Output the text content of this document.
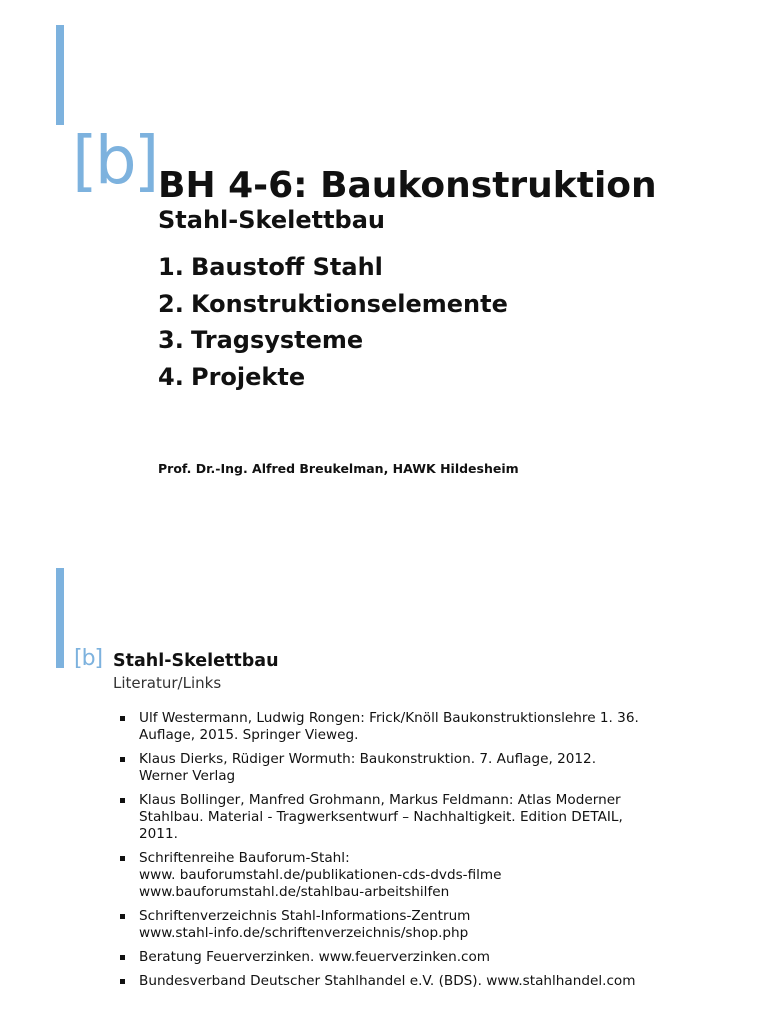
[b] BH 4-6: Baukonstruktion
Stahl-Skelettbau
1. Baustoff Stahl
2. Konstruktionselemente
3. Tragsysteme
4. Projekte
Prof. Dr.-Ing. Alfred Breukelman, HAWK Hildesheim
[b] Stahl-Skelettbau
Literatur/Links
Ulf Westermann, Ludwig Rongen: Frick/Knöll Baukonstruktionslehre 1. 36.
Auflage, 2015. Springer Vieweg.
Klaus Dierks, Rüdiger Wormuth: Baukonstruktion. 7. Auflage, 2012.
Werner Verlag
Klaus Bollinger, Manfred Grohmann, Markus Feldmann: Atlas Moderner
Stahlbau. Material - Tragwerksentwurf – Nachhaltigkeit. Edition DETAIL,
2011.
Schriftenreihe Bauforum-Stahl:
www. bauforumstahl.de/publikationen-cds-dvds-filme
www.bauforumstahl.de/stahlbau-arbeitshilfen
Schriftenverzeichnis Stahl-Informations-Zentrum
www.stahl-info.de/schriftenverzeichnis/shop.php
Beratung Feuerverzinken. www.feuerverzinken.com
Bundesverband Deutscher Stahlhandel e.V. (BDS). www.stahlhandel.com
